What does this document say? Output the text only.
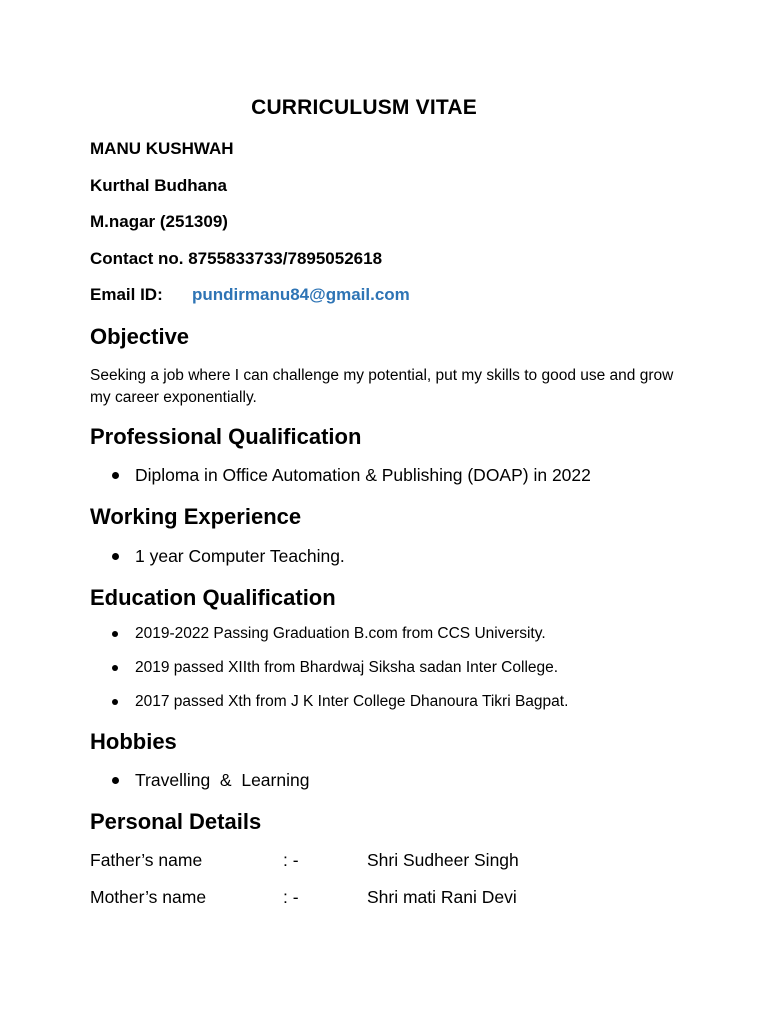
CURRICULUSM VITAE
MANU KUSHWAH
Kurthal Budhana
M.nagar (251309)
Contact no. 8755833733/7895052618
Email ID: pundirmanu84@gmail.com
Objective
Seeking a job where I can challenge my potential, put my skills to good use and grow my career exponentially.
Professional Qualification
Diploma in Office Automation & Publishing (DOAP) in 2022
Working Experience
1 year Computer Teaching.
Education Qualification
2019-2022 Passing Graduation B.com from CCS University.
2019 passed XIIth from Bhardwaj Siksha sadan Inter College.
2017 passed Xth from J K Inter College Dhanoura Tikri Bagpat.
Hobbies
Travelling  &  Learning
Personal Details
Father’s name	: -	Shri Sudheer Singh
Mother’s name	: -	Shri mati Rani Devi
